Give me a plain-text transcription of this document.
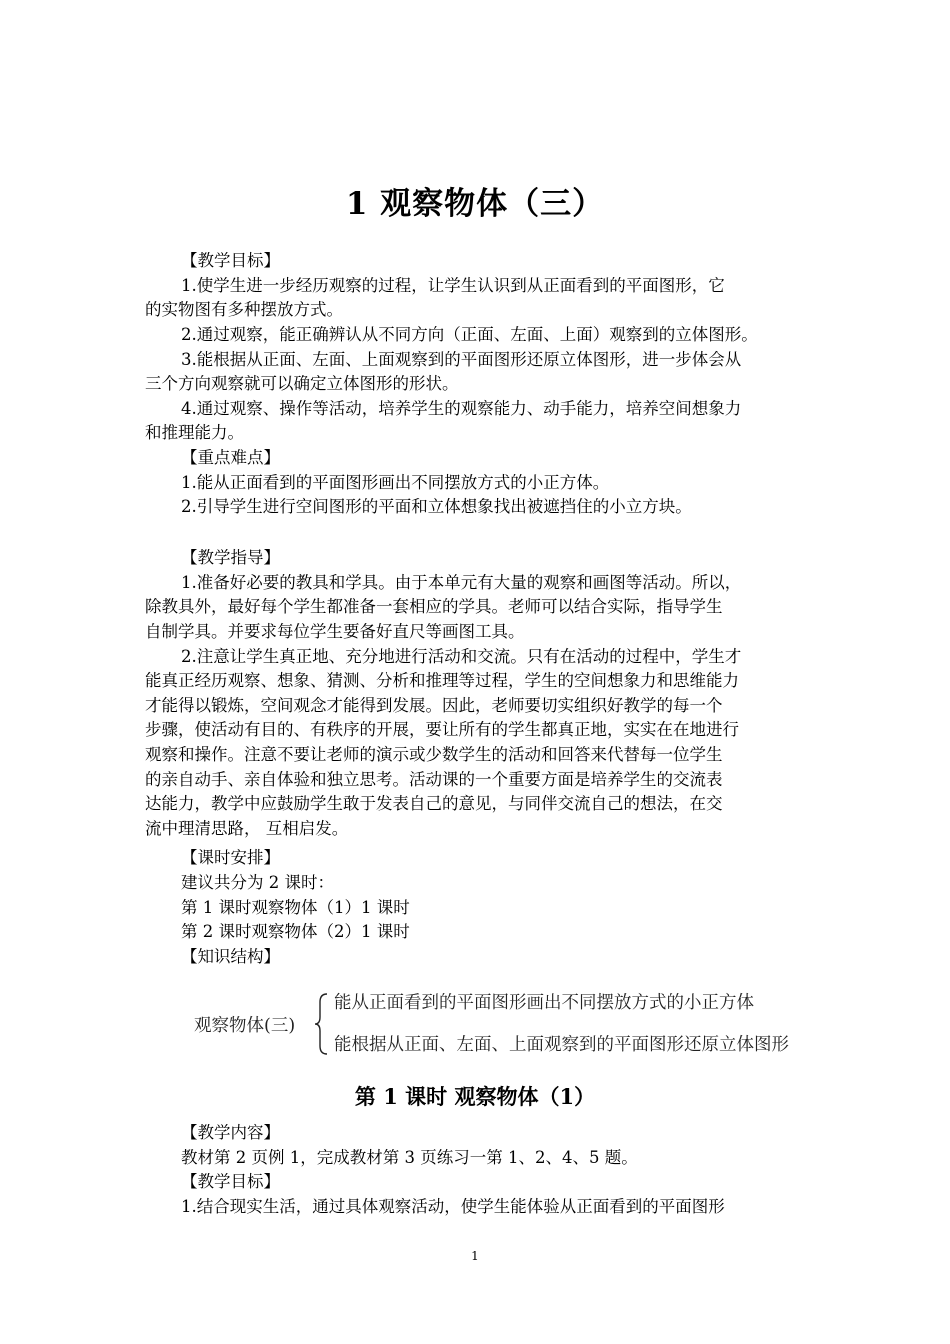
1 观察物体（三）
【教学目标】
1.使学生进一步经历观察的过程，让学生认识到从正面看到的平面图形，它
的实物图有多种摆放方式。
2.通过观察，能正确辨认从不同方向（正面、左面、上面）观察到的立体图形。
3.能根据从正面、左面、上面观察到的平面图形还原立体图形，进一步体会从
三个方向观察就可以确定立体图形的形状。
4.通过观察、操作等活动，培养学生的观察能力、动手能力，培养空间想象力
和推理能力。
【重点难点】
1.能从正面看到的平面图形画出不同摆放方式的小正方体。
2.引导学生进行空间图形的平面和立体想象找出被遮挡住的小立方块。
【教学指导】
1.准备好必要的教具和学具。由于本单元有大量的观察和画图等活动。所以，
除教具外，最好每个学生都准备一套相应的学具。老师可以结合实际，指导学生
自制学具。并要求每位学生要备好直尺等画图工具。
2.注意让学生真正地、充分地进行活动和交流。只有在活动的过程中，学生才
能真正经历观察、想象、猜测、分析和推理等过程，学生的空间想象力和思维能力
才能得以锻炼，空间观念才能得到发展。因此，老师要切实组织好教学的每一个
步骤，使活动有目的、有秩序的开展，要让所有的学生都真正地，实实在在地进行
观察和操作。注意不要让老师的演示或少数学生的活动和回答来代替每一位学生
的亲自动手、亲自体验和独立思考。活动课的一个重要方面是培养学生的交流表
达能力，教学中应鼓励学生敢于发表自己的意见，与同伴交流自己的想法，在交
流中理清思路， 互相启发。
【课时安排】
建议共分为 2 课时：
第 1 课时观察物体（1）1 课时
第 2 课时观察物体（2）1 课时
【知识结构】
观察物体(三)
能从正面看到的平面图形画出不同摆放方式的小正方体
能根据从正面、左面、上面观察到的平面图形还原立体图形
第 1 课时 观察物体（1）
【教学内容】
教材第 2 页例 1，完成教材第 3 页练习一第 1、2、4、5 题。
【教学目标】
1.结合现实生活，通过具体观察活动，使学生能体验从正面看到的平面图形
1
